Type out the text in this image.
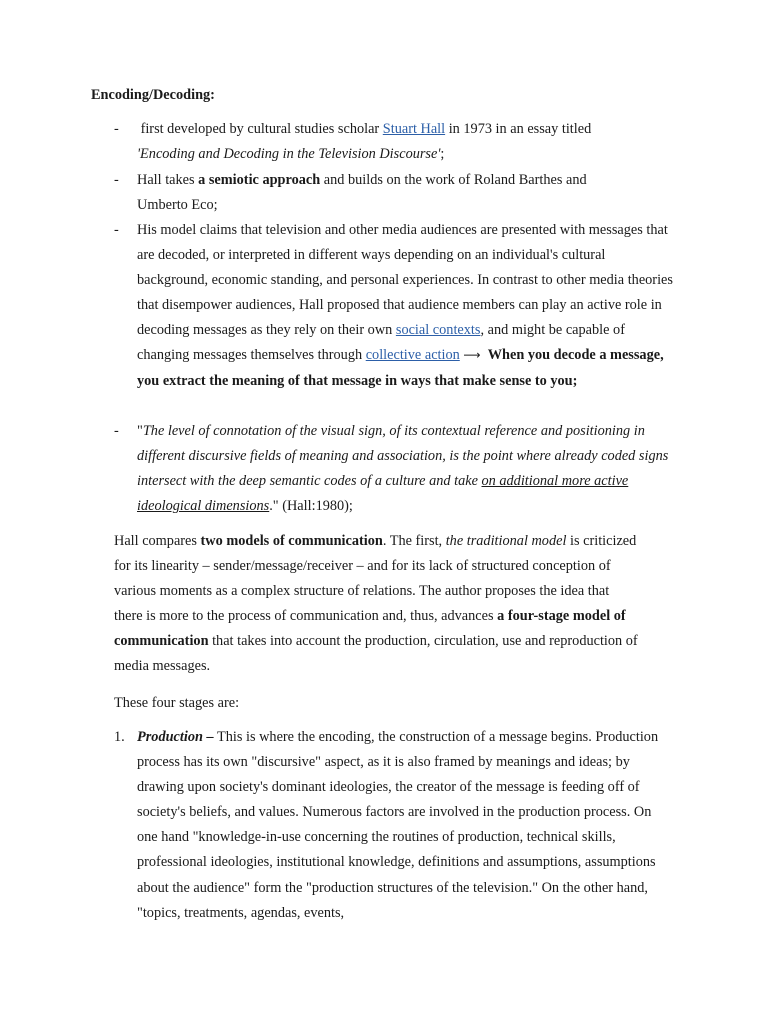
Encoding/Decoding:
- first developed by cultural studies scholar Stuart Hall in 1973 in an essay titled
'Encoding and Decoding in the Television Discourse';
- Hall takes a semiotic approach and builds on the work of Roland Barthes and Umberto Eco;
- His model claims that television and other media audiences are presented with messages that are decoded, or interpreted in different ways depending on an individual's cultural background, economic standing, and personal experiences. In contrast to other media theories that disempower audiences, Hall proposed that audience members can play an active role in decoding messages as they rely on their own social contexts, and might be capable of changing messages themselves through collective action ⟶ When you decode a message, you extract the meaning of that message in ways that make sense to you;
- "The level of connotation of the visual sign, of its contextual reference and positioning in different discursive fields of meaning and association, is the point where already coded signs intersect with the deep semantic codes of a culture and take on additional more active ideological dimensions." (Hall:1980);
Hall compares two models of communication. The first, the traditional model is criticized for its linearity – sender/message/receiver – and for its lack of structured conception of various moments as a complex structure of relations. The author proposes the idea that there is more to the process of communication and, thus, advances a four-stage model of communication that takes into account the production, circulation, use and reproduction of media messages.
These four stages are:
1. Production – This is where the encoding, the construction of a message begins. Production process has its own "discursive" aspect, as it is also framed by meanings and ideas; by drawing upon society's dominant ideologies, the creator of the message is feeding off of society's beliefs, and values. Numerous factors are involved in the production process. On one hand "knowledge-in-use concerning the routines of production, technical skills, professional ideologies, institutional knowledge, definitions and assumptions, assumptions about the audience" form the "production structures of the television." On the other hand, "topics, treatments, agendas, events,
